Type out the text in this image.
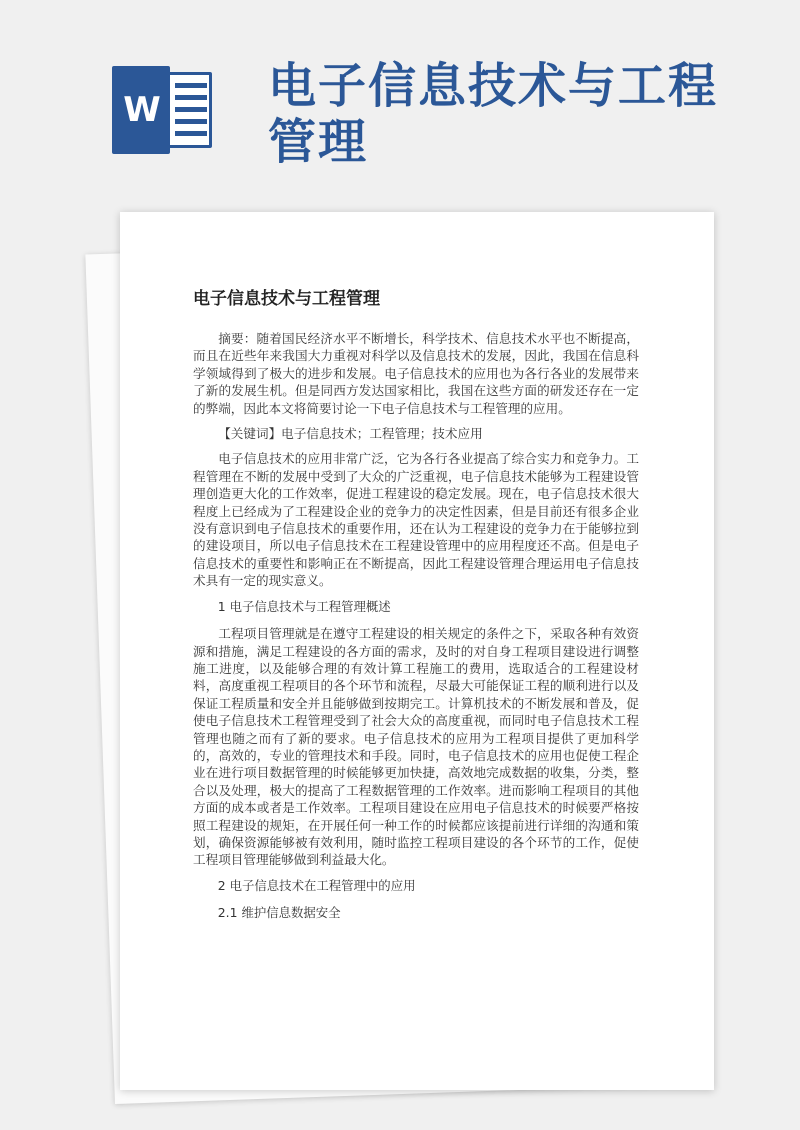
W 电子信息技术与工程管理
电子信息技术与工程管理

摘要：随着国民经济水平不断增长，科学技术、信息技术水平也不断提高，而且在近些年来我国大力重视对科学以及信息技术的发展，因此，我国在信息科学领域得到了极大的进步和发展。电子信息技术的应用也为各行各业的发展带来了新的发展生机。但是同西方发达国家相比，我国在这些方面的研发还存在一定的弊端，因此本文将简要讨论一下电子信息技术与工程管理的应用。

【关键词】电子信息技术；工程管理；技术应用

电子信息技术的应用非常广泛，它为各行各业提高了综合实力和竞争力。工程管理在不断的发展中受到了大众的广泛重视，电子信息技术能够为工程建设管理创造更大化的工作效率，促进工程建设的稳定发展。现在，电子信息技术很大程度上已经成为了工程建设企业的竞争力的决定性因素，但是目前还有很多企业没有意识到电子信息技术的重要作用，还在认为工程建设的竞争力在于能够拉到的建设项目，所以电子信息技术在工程建设管理中的应用程度还不高。但是电子信息技术的重要性和影响正在不断提高，因此工程建设管理合理运用电子信息技术具有一定的现实意义。

1 电子信息技术与工程管理概述

工程项目管理就是在遵守工程建设的相关规定的条件之下，采取各种有效资源和措施，满足工程建设的各方面的需求，及时的对自身工程项目建设进行调整施工进度，以及能够合理的有效计算工程施工的费用，选取适合的工程建设材料，高度重视工程项目的各个环节和流程，尽最大可能保证工程的顺利进行以及保证工程质量和安全并且能够做到按期完工。计算机技术的不断发展和普及，促使电子信息技术工程管理受到了社会大众的高度重视，而同时电子信息技术工程管理也随之而有了新的要求。电子信息技术的应用为工程项目提供了更加科学的，高效的，专业的管理技术和手段。同时，电子信息技术的应用也促使工程企业在进行项目数据管理的时候能够更加快捷，高效地完成数据的收集，分类，整合以及处理，极大的提高了工程数据管理的工作效率。进而影响工程项目的其他方面的成本或者是工作效率。工程项目建设在应用电子信息技术的时候要严格按照工程建设的规矩，在开展任何一种工作的时候都应该提前进行详细的沟通和策划，确保资源能够被有效利用，随时监控工程项目建设的各个环节的工作，促使工程项目管理能够做到利益最大化。

2 电子信息技术在工程管理中的应用

2.1 维护信息数据安全
